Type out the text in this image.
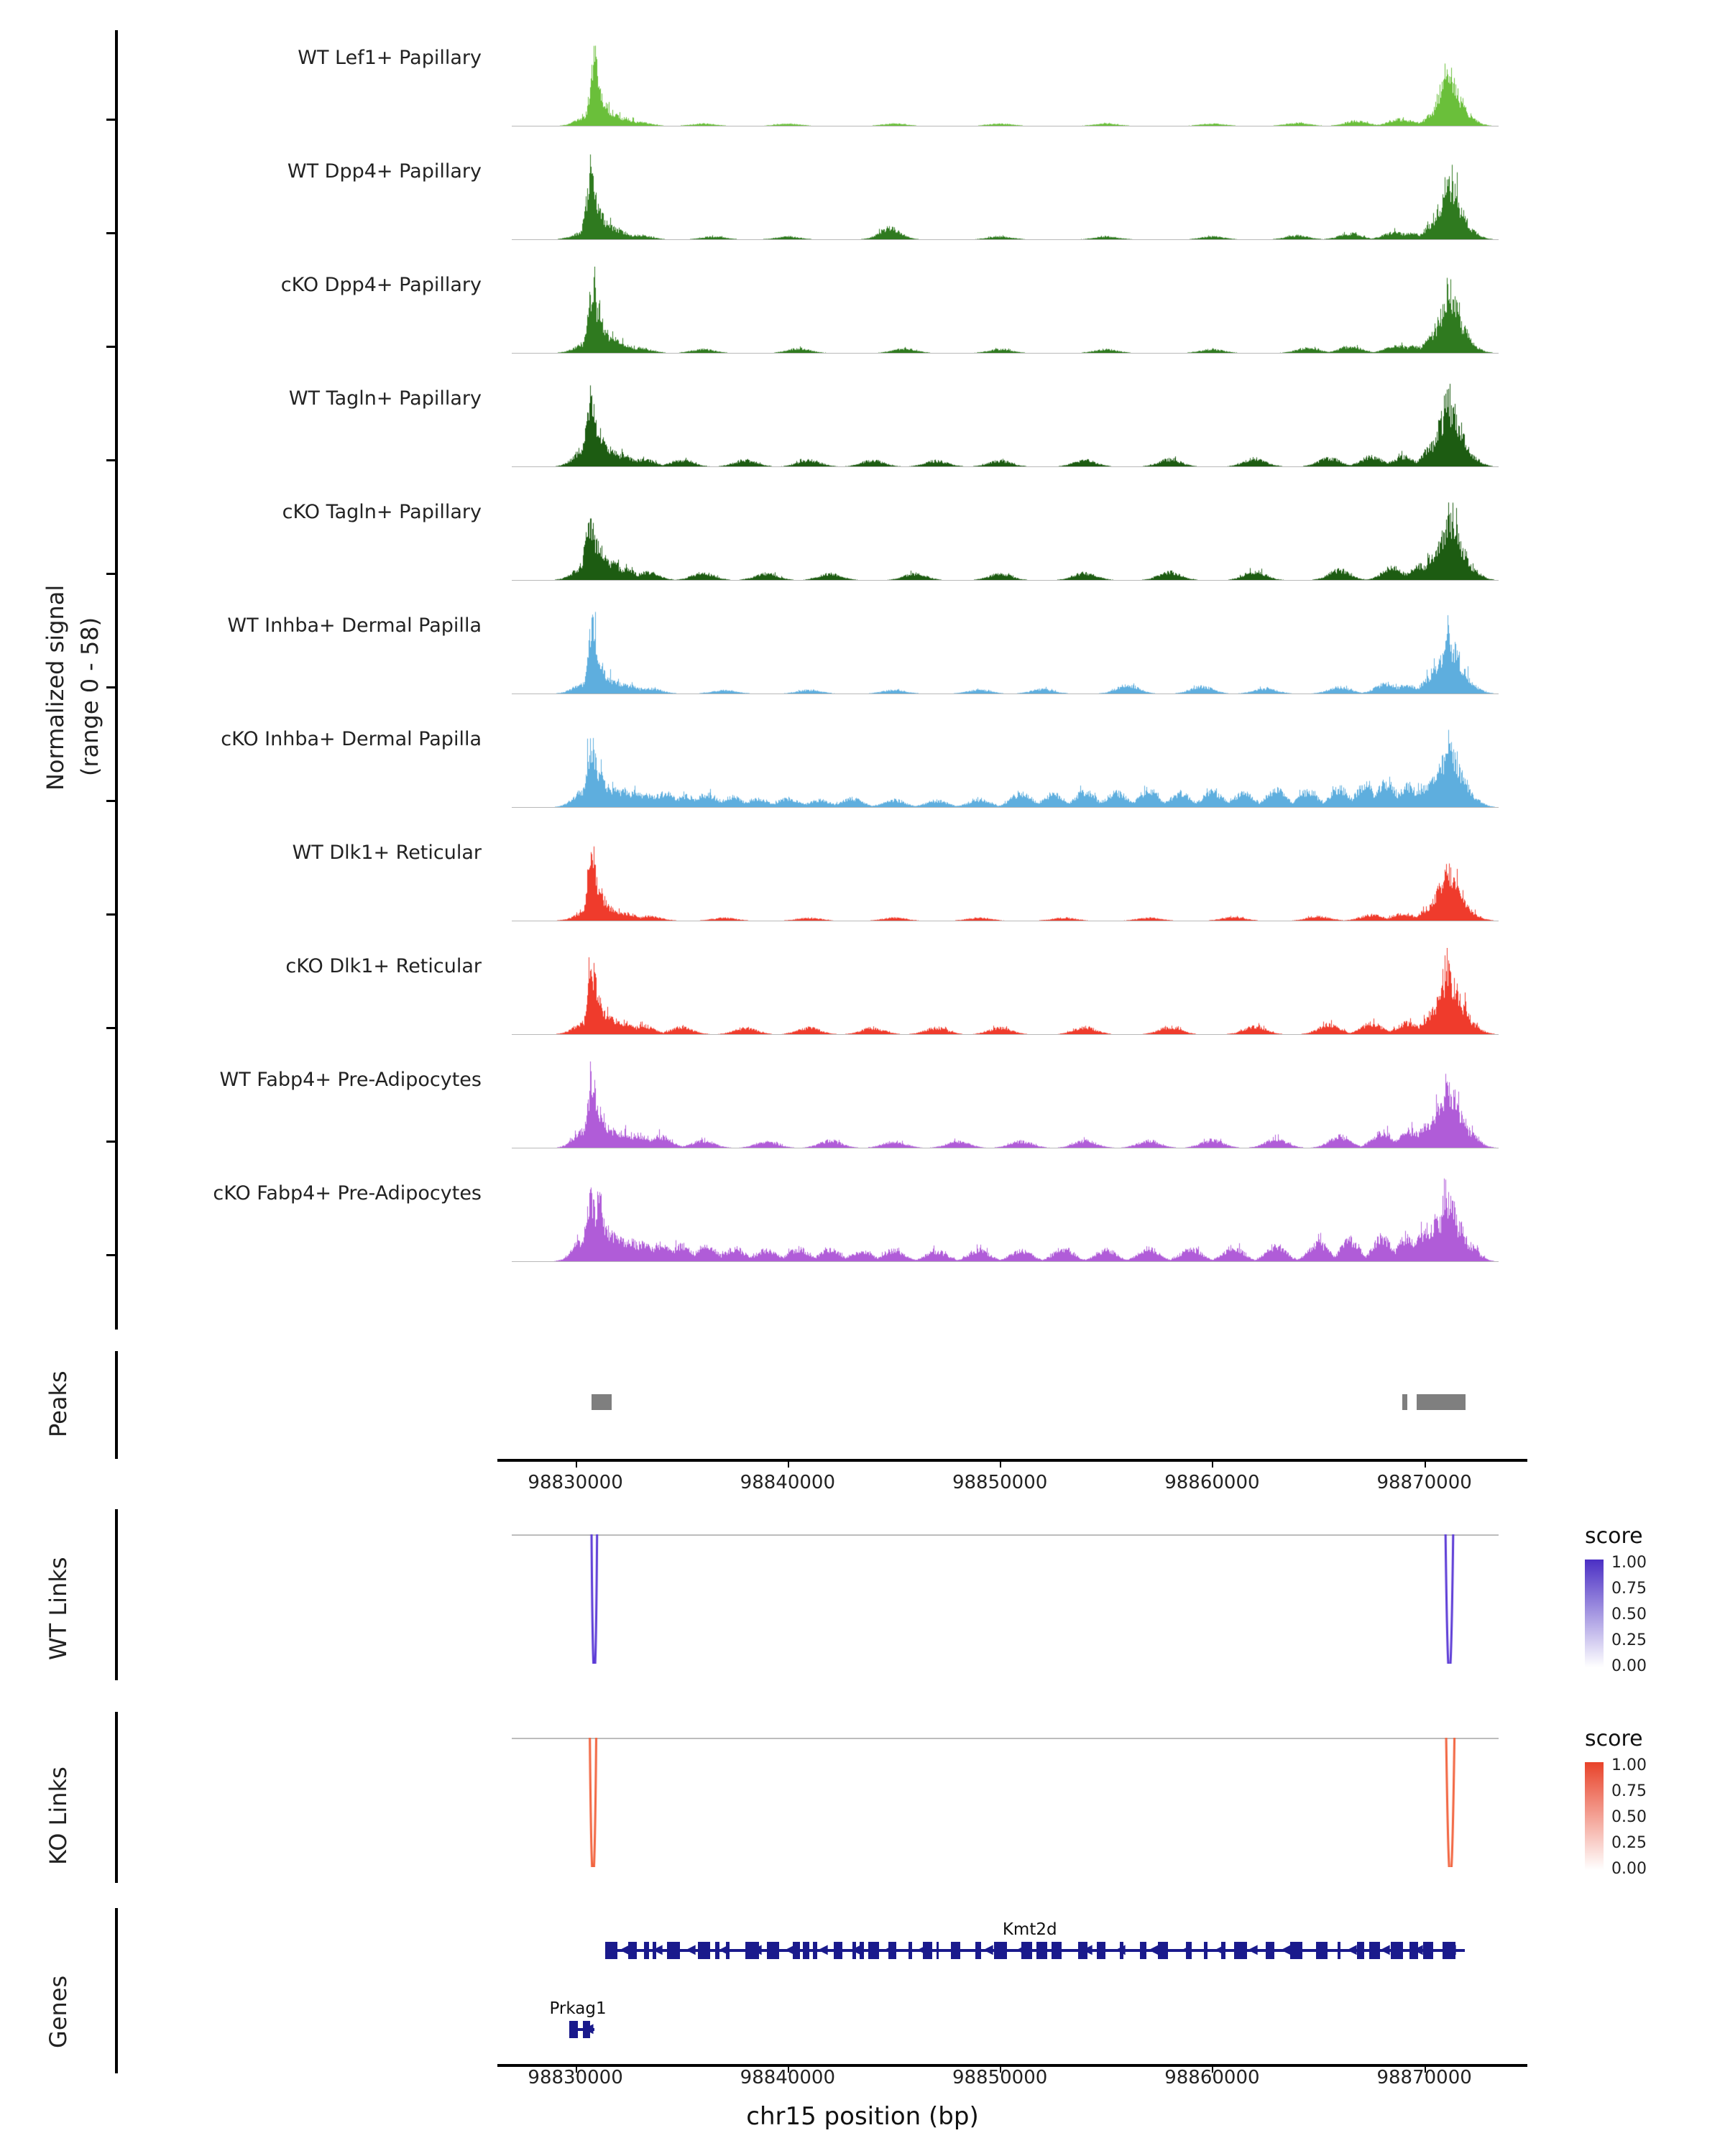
Normalized signal (range 0 - 58)
Peaks
WT Links
KO Links
Genes
WT Lef1+ Papillary
WT Dpp4+ Papillary
cKO Dpp4+ Papillary
WT Tagln+ Papillary
cKO Tagln+ Papillary
WT Inhba+ Dermal Papilla
cKO Inhba+ Dermal Papilla
WT Dlk1+ Reticular
cKO Dlk1+ Reticular
WT Fabp4+ Pre-Adipocytes
cKO Fabp4+ Pre-Adipocytes
98830000	98840000	98850000	98860000	98870000
◀ ◀ ◀ ◀ ◀ ◀ ◀ ◀ ◀ ◀ ◀ ◀ ◀ ◀ ◀ ◀ ◀ ◀ ◀ ◀ ◀ ◀ ◀ ◀ ◀ ◀
Kmt2d
◀
Prkag1
score
1.00
0.75
0.50
0.25
0.00
score
1.00
0.75
0.50
0.25
0.00
98830000	98840000	98850000	98860000	98870000
chr15 position (bp)
